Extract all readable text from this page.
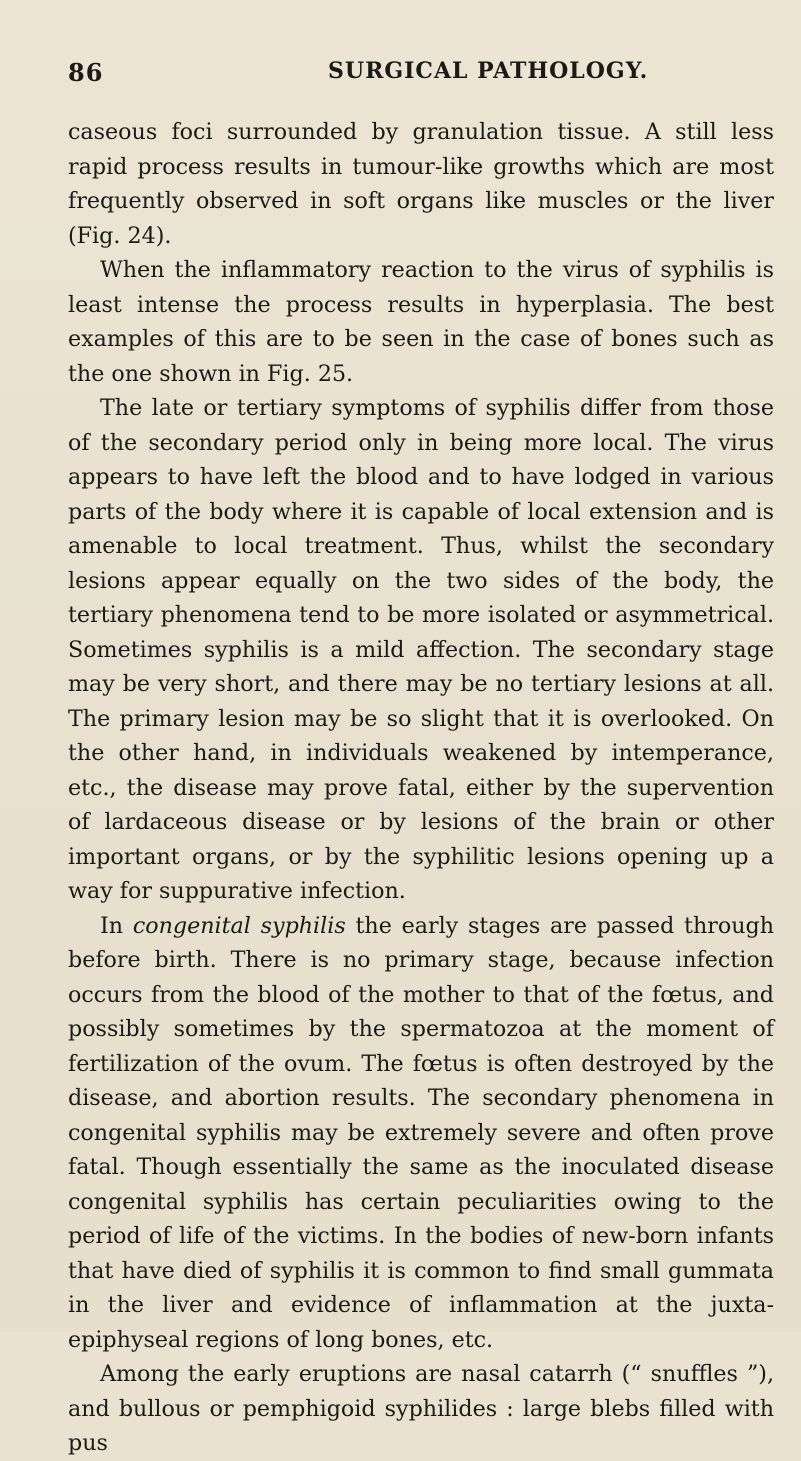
86	SURGICAL PATHOLOGY.

caseous foci surrounded by granulation tissue. A still less rapid process results in tumour-like growths which are most frequently observed in soft organs like muscles or the liver (Fig. 24).

When the inflammatory reaction to the virus of syphilis is least intense the process results in hyperplasia. The best examples of this are to be seen in the case of bones such as the one shown in Fig. 25.

The late or tertiary symptoms of syphilis differ from those of the secondary period only in being more local. The virus appears to have left the blood and to have lodged in various parts of the body where it is capable of local extension and is amenable to local treatment. Thus, whilst the secondary lesions appear equally on the two sides of the body, the tertiary phenomena tend to be more isolated or asymmetrical. Sometimes syphilis is a mild affection. The secondary stage may be very short, and there may be no tertiary lesions at all. The primary lesion may be so slight that it is overlooked. On the other hand, in individuals weakened by intemperance, etc., the disease may prove fatal, either by the supervention of lardaceous disease or by lesions of the brain or other important organs, or by the syphilitic lesions opening up a way for suppurative infection.

In congenital syphilis the early stages are passed through before birth. There is no primary stage, because infection occurs from the blood of the mother to that of the fœtus, and possibly sometimes by the spermatozoa at the moment of fertilization of the ovum. The fœtus is often destroyed by the disease, and abortion results. The secondary phenomena in congenital syphilis may be extremely severe and often prove fatal. Though essentially the same as the inoculated disease congenital syphilis has certain peculiarities owing to the period of life of the victims. In the bodies of new-born infants that have died of syphilis it is common to find small gummata in the liver and evidence of inflammation at the juxta-epiphyseal regions of long bones, etc.

Among the early eruptions are nasal catarrh (“ snuffles ”), and bullous or pemphigoid syphilides : large blebs filled with pus
